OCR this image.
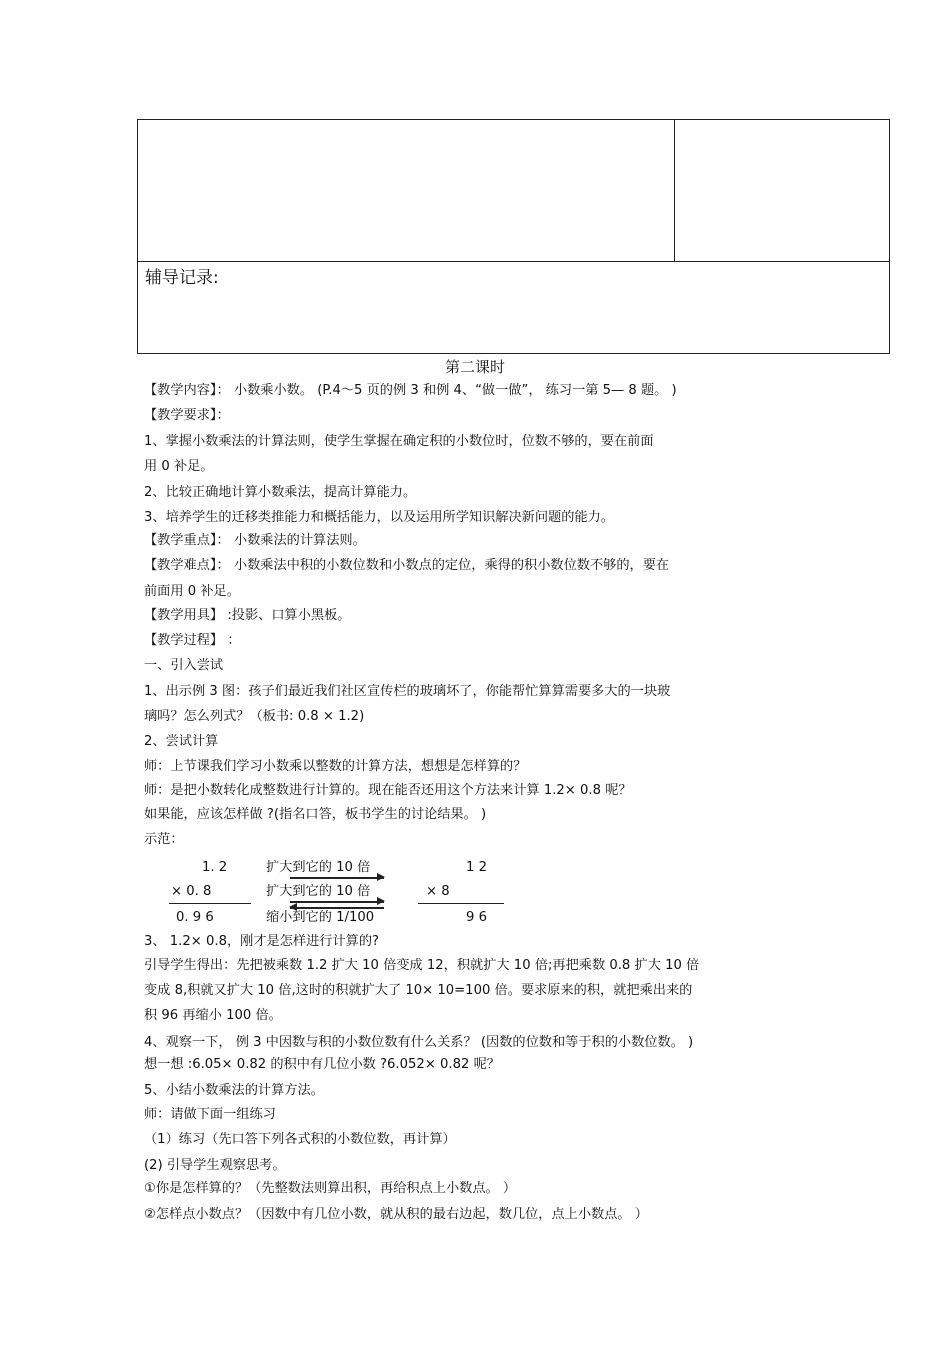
辅导记录:
第二课时
【教学内容】： 小数乘小数。 (P.4～5 页的例 3 和例 4、“做一做”， 练习一第 5— 8 题。 )
【教学要求】：
1、掌握小数乘法的计算法则，使学生掌握在确定积的小数位时，位数不够的，要在前面
用 0 补足。
2、比较正确地计算小数乘法，提高计算能力。
3、培养学生的迁移类推能力和概括能力，以及运用所学知识解决新问题的能力。
【教学重点】： 小数乘法的计算法则。
【教学难点】： 小数乘法中积的小数位数和小数点的定位，乘得的积小数位数不够的，要在
前面用 0 补足。
【教学用具】 :投影、口算小黑板。
【教学过程】 ：
一、引入尝试
1、出示例 3 图：孩子们最近我们社区宣传栏的玻璃坏了，你能帮忙算算需要多大的一块玻
璃吗？怎么列式？（板书: 0.8 × 1.2)
2、尝试计算
师：上节课我们学习小数乘以整数的计算方法，想想是怎样算的？
师：是把小数转化成整数进行计算的。现在能否还用这个方法来计算 1.2× 0.8 呢？
如果能，应该怎样做 ?(指名口答，板书学生的讨论结果。 )
示范：
1. 2
× 0. 8
0. 9 6
扩大到它的 10 倍
扩大到它的 10 倍
缩小到它的 1/100
1 2
× 8
9 6
3、 1.2× 0.8，刚才是怎样进行计算的?
引导学生得出：先把被乘数 1.2 扩大 10 倍变成 12，积就扩大 10 倍;再把乘数 0.8 扩大 10 倍
变成 8,积就又扩大 10 倍,这时的积就扩大了 10× 10=100 倍。要求原来的积，就把乘出来的
积 96 再缩小 100 倍。
4、观察一下， 例 3 中因数与积的小数位数有什么关系？ (因数的位数和等于积的小数位数。 )
想一想 :6.05× 0.82 的积中有几位小数 ?6.052× 0.82 呢？
5、小结小数乘法的计算方法。
师：请做下面一组练习
（1）练习（先口答下列各式积的小数位数，再计算）
(2) 引导学生观察思考。
①你是怎样算的？（先整数法则算出积，再给积点上小数点。 ）
②怎样点小数点？（因数中有几位小数，就从积的最右边起，数几位，点上小数点。 ）
